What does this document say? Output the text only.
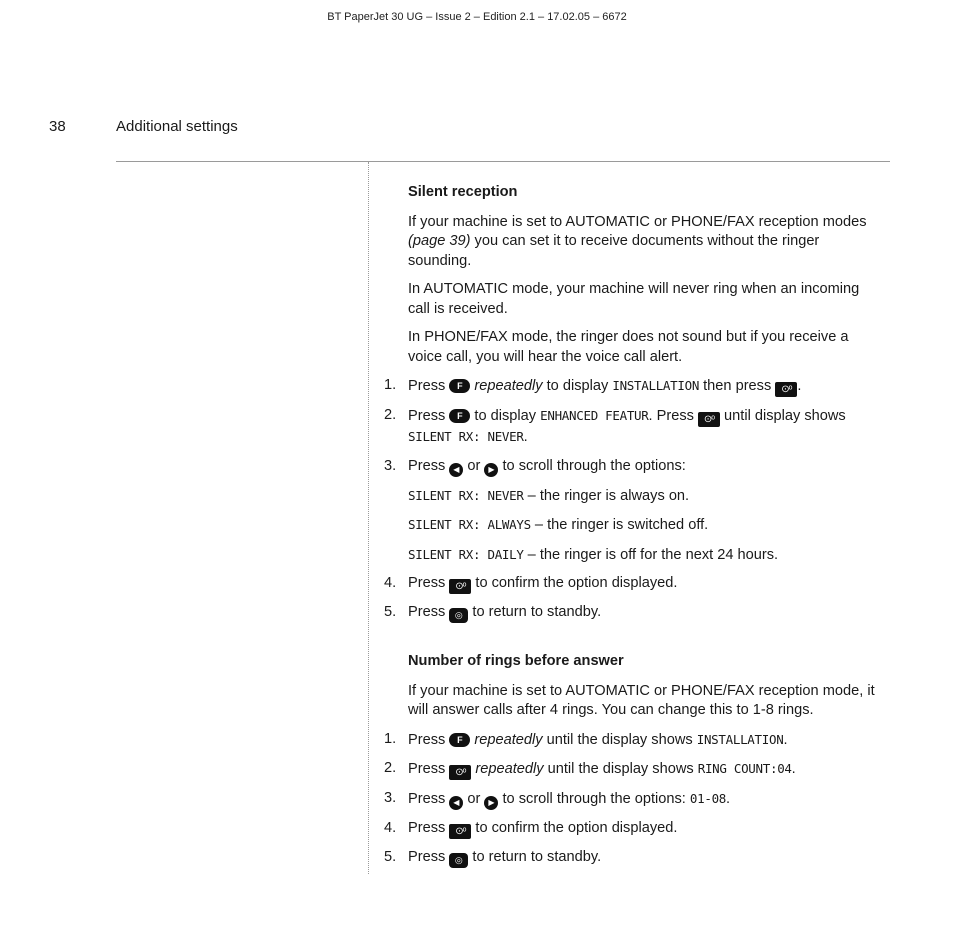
BT PaperJet 30 UG – Issue 2 – Edition 2.1 – 17.02.05 – 6672
38	Additional settings
Silent reception

If your machine is set to AUTOMATIC or PHONE/FAX reception modes (page 39) you can set it to receive documents without the ringer sounding.

In AUTOMATIC mode, your machine will never ring when an incoming call is received.

In PHONE/FAX mode, the ringer does not sound but if you receive a voice call, you will hear the voice call alert.

1. Press F repeatedly to display INSTALLATION then press ⊙ᵒ .
2. Press F to display ENHANCED FEATUR. Press ⊙ᵒ until display shows SILENT RX: NEVER.
3. Press ◀ or ▶ to scroll through the options:
SILENT RX: NEVER – the ringer is always on.
SILENT RX: ALWAYS – the ringer is switched off.
SILENT RX: DAILY – the ringer is off for the next 24 hours.
4. Press ⊙ᵒ to confirm the option displayed.
5. Press ◎ to return to standby.
Number of rings before answer

If your machine is set to AUTOMATIC or PHONE/FAX reception mode, it will answer calls after 4 rings. You can change this to 1-8 rings.

1. Press F repeatedly until the display shows INSTALLATION.
2. Press ⊙ᵒ repeatedly until the display shows RING COUNT:04.
3. Press ◀ or ▶ to scroll through the options: 01-08.
4. Press ⊙ᵒ to confirm the option displayed.
5. Press ◎ to return to standby.
